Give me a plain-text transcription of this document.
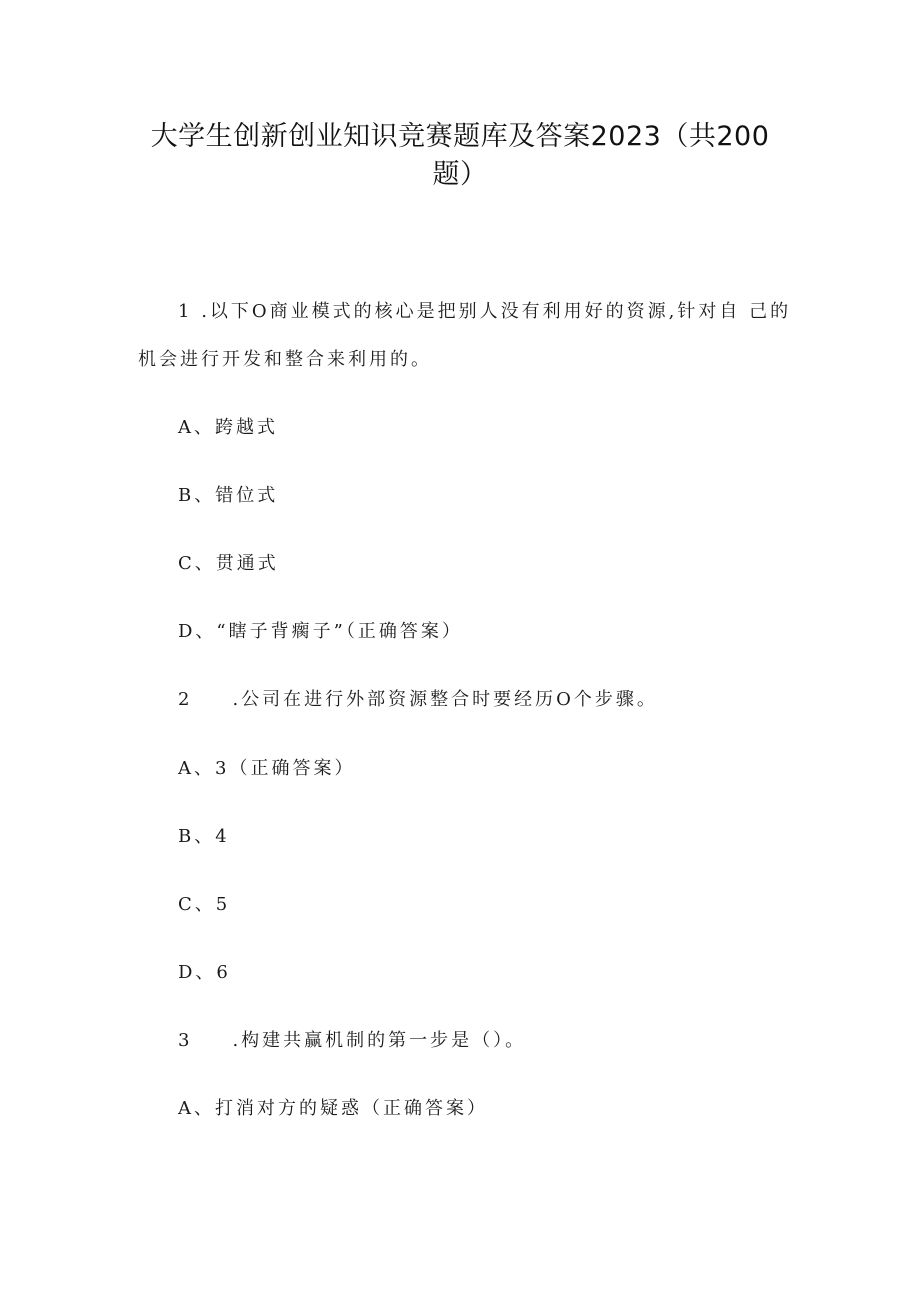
大学生创新创业知识竞赛题库及答案2023（共200
题）
1 .以下O商业模式的核心是把别人没有利用好的资源,针对自 己的
机会进行开发和整合来利用的。
A、跨越式
B、错位式
C、贯通式
D、“瞎子背瘸子”（正确答案）
2 .公司在进行外部资源整合时要经历O个步骤。
A、3（正确答案）
B、4
C、5
D、6
3 .构建共赢机制的第一步是（）。
A、打消对方的疑惑（正确答案）
